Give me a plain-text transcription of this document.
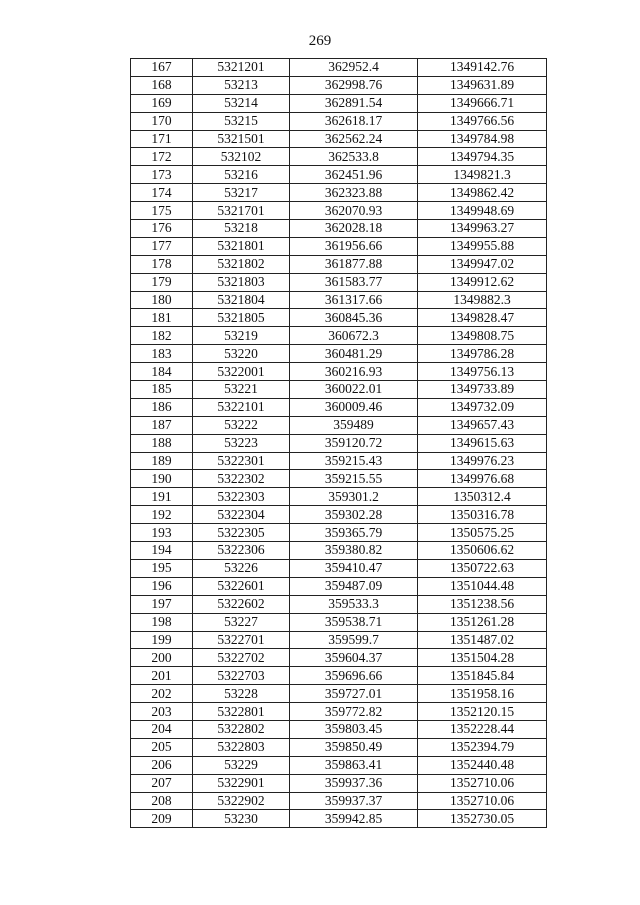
269
167	5321201	362952.4	1349142.76
168	53213	362998.76	1349631.89
169	53214	362891.54	1349666.71
170	53215	362618.17	1349766.56
171	5321501	362562.24	1349784.98
172	532102	362533.8	1349794.35
173	53216	362451.96	1349821.3
174	53217	362323.88	1349862.42
175	5321701	362070.93	1349948.69
176	53218	362028.18	1349963.27
177	5321801	361956.66	1349955.88
178	5321802	361877.88	1349947.02
179	5321803	361583.77	1349912.62
180	5321804	361317.66	1349882.3
181	5321805	360845.36	1349828.47
182	53219	360672.3	1349808.75
183	53220	360481.29	1349786.28
184	5322001	360216.93	1349756.13
185	53221	360022.01	1349733.89
186	5322101	360009.46	1349732.09
187	53222	359489	1349657.43
188	53223	359120.72	1349615.63
189	5322301	359215.43	1349976.23
190	5322302	359215.55	1349976.68
191	5322303	359301.2	1350312.4
192	5322304	359302.28	1350316.78
193	5322305	359365.79	1350575.25
194	5322306	359380.82	1350606.62
195	53226	359410.47	1350722.63
196	5322601	359487.09	1351044.48
197	5322602	359533.3	1351238.56
198	53227	359538.71	1351261.28
199	5322701	359599.7	1351487.02
200	5322702	359604.37	1351504.28
201	5322703	359696.66	1351845.84
202	53228	359727.01	1351958.16
203	5322801	359772.82	1352120.15
204	5322802	359803.45	1352228.44
205	5322803	359850.49	1352394.79
206	53229	359863.41	1352440.48
207	5322901	359937.36	1352710.06
208	5322902	359937.37	1352710.06
209	53230	359942.85	1352730.05
